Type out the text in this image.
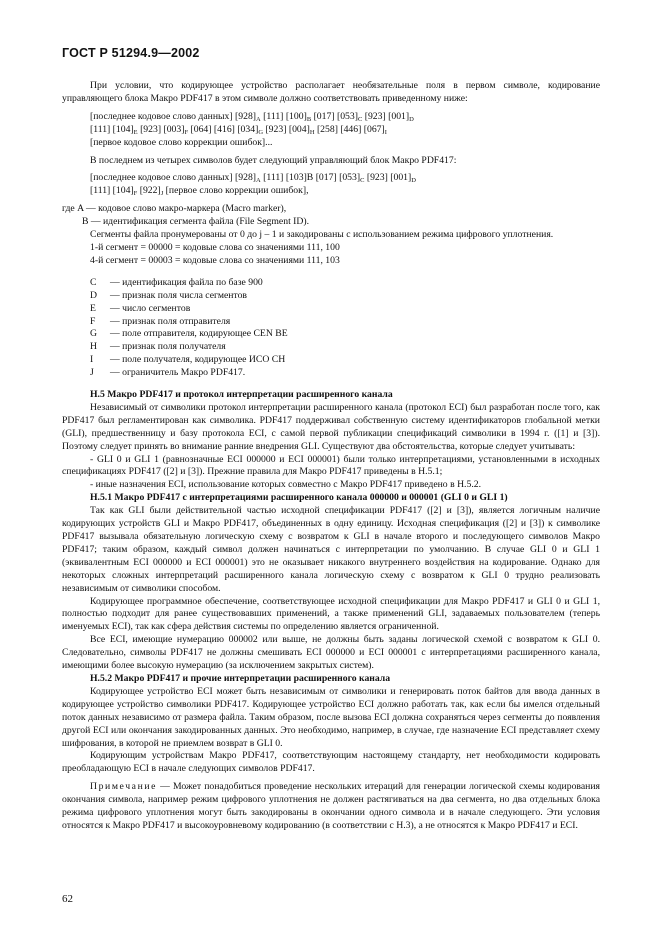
ГОСТ Р 51294.9—2002

При условии, что кодирующее устройство располагает необязательные поля в первом символе, кодирование управляющего блока Макро PDF417 в этом символе должно соответствовать приведенному ниже:

[последнее кодовое слово данных] $[928]_A$ [111] $[100]_B$ [017] $[053]_C$ [923] $[001]_D$

[111] $[104]_E$ [923] $[003]_F$ [064] [416] $[034]_G$ [923] $[004]_H$ [258] [446] $[067]_I$

[первое кодовое слово коррекции ошибок]...

В последнем из четырех символов будет следующий управляющий блок Макро PDF417:

[последнее кодовое слово данных] $[928]_A$ [111] [103]B [017] $[053]_C$ [923] $[001]_D$

[111] $[104]_F$ $[922]_J$ [первое слово коррекции ошибок],

где A — кодовое слово макро-маркера (Macro marker),

B — идентификация сегмента файла (File Segment ID).

Сегменты файла пронумерованы от 0 до j – 1 и закодированы с использованием режима цифрового уплотнения.

1-й сегмент = 00000 = кодовые слова со значениями 111, 100

4-й сегмент = 00003 = кодовые слова со значениями 111, 103

C	— идентификация файла по базе 900
D	— признак поля числа сегментов
E	— число сегментов
F	— признак поля отправителя
G	— поле отправителя, кодирующее CEN BE
H	— признак поля получателя
I	— поле получателя, кодирующее ИСО CH
J	— ограничитель Макро PDF417.

Н.5 Макро PDF417 и протокол интерпретации расширенного канала

Независимый от символики протокол интерпретации расширенного канала (протокол ECI) был разработан после того, как PDF417 был регламентирован как символика. PDF417 поддерживал собственную систему идентификаторов глобальной метки (GLI), предшественницу и базу протокола ECI, с самой первой публикации спецификаций символики в 1994 г. ([1] и [3]). Поэтому следует принять во внимание ранние внедрения GLI. Существуют два обстоятельства, которые следует учитывать:

- GLI 0 и GLI 1 (равнозначные ECI 000000 и ECI 000001) были только интерпретациями, установленными в исходных спецификациях PDF417 ([2] и [3]). Прежние правила для Макро PDF417 приведены в Н.5.1;

- иные назначения ECI, использование которых совместно с Макро PDF417 приведено в Н.5.2.

Н.5.1 Макро PDF417 с интерпретациями расширенного канала 000000 и 000001 (GLI 0 и GLI 1)

Так как GLI были действительной частью исходной спецификации PDF417 ([2] и [3]), является логичным наличие кодирующих устройств GLI и Макро PDF417, объединенных в одну единицу. Исходная спецификация ([2] и [3]) к символике PDF417 вызывала обязательную логическую схему с возвратом к GLI в начале второго и последующего символов Макро PDF417; таким образом, каждый символ должен начинаться с интерпретации по умолчанию. В случае GLI 0 и GLI 1 (эквивалентным ECI 000000 и ECI 000001) это не оказывает никакого внутреннего воздействия на кодирование. Однако для некоторых сложных интерпретаций расширенного канала логическую схему с возвратом к GLI 0 трудно реализовать независимым от символики способом.

Кодирующее программное обеспечение, соответствующее исходной спецификации для Макро PDF417 и GLI 0 и GLI 1, полностью подходит для ранее существовавших применений, а также применений GLI, задаваемых пользователем (теперь именуемых ECI), так как сфера действия системы по определению является ограниченной.

Все ECI, имеющие нумерацию 000002 или выше, не должны быть заданы логической схемой с возвратом к GLI 0. Следовательно, символы PDF417 не должны смешивать ECI 000000 и ECI 000001 с интерпретациями расширенного канала, имеющими более высокую нумерацию (за исключением закрытых систем).

Н.5.2 Макро PDF417 и прочие интерпретации расширенного канала

Кодирующее устройство ECI может быть независимым от символики и генерировать поток байтов для ввода данных в кодирующее устройство символики PDF417. Кодирующее устройство ECI должно работать так, как если бы имелся отдельный поток данных независимо от размера файла. Таким образом, после вызова ECI должна сохраняться через сегменты до появления другой ECI или окончания закодированных данных. Это необходимо, например, в случае, где назначение ECI представляет схему шифрования, в которой не приемлем возврат в GLI 0.

Кодирующим устройствам Макро PDF417, соответствующим настоящему стандарту, нет необходимости кодировать преобладающую ECI в начале следующих символов PDF417.

Примечание — Может понадобиться проведение нескольких итераций для генерации логической схемы кодирования окончания символа, например режим цифрового уплотнения не должен растягиваться на два сегмента, но два отдельных блока режима цифрового уплотнения могут быть закодированы в окончании одного символа и в начале следующего. Эти условия относятся к Макро PDF417 и высокоуровневому кодированию (в соответствии с Н.3), а не относятся к Макро PDF417 и ECI.

62
